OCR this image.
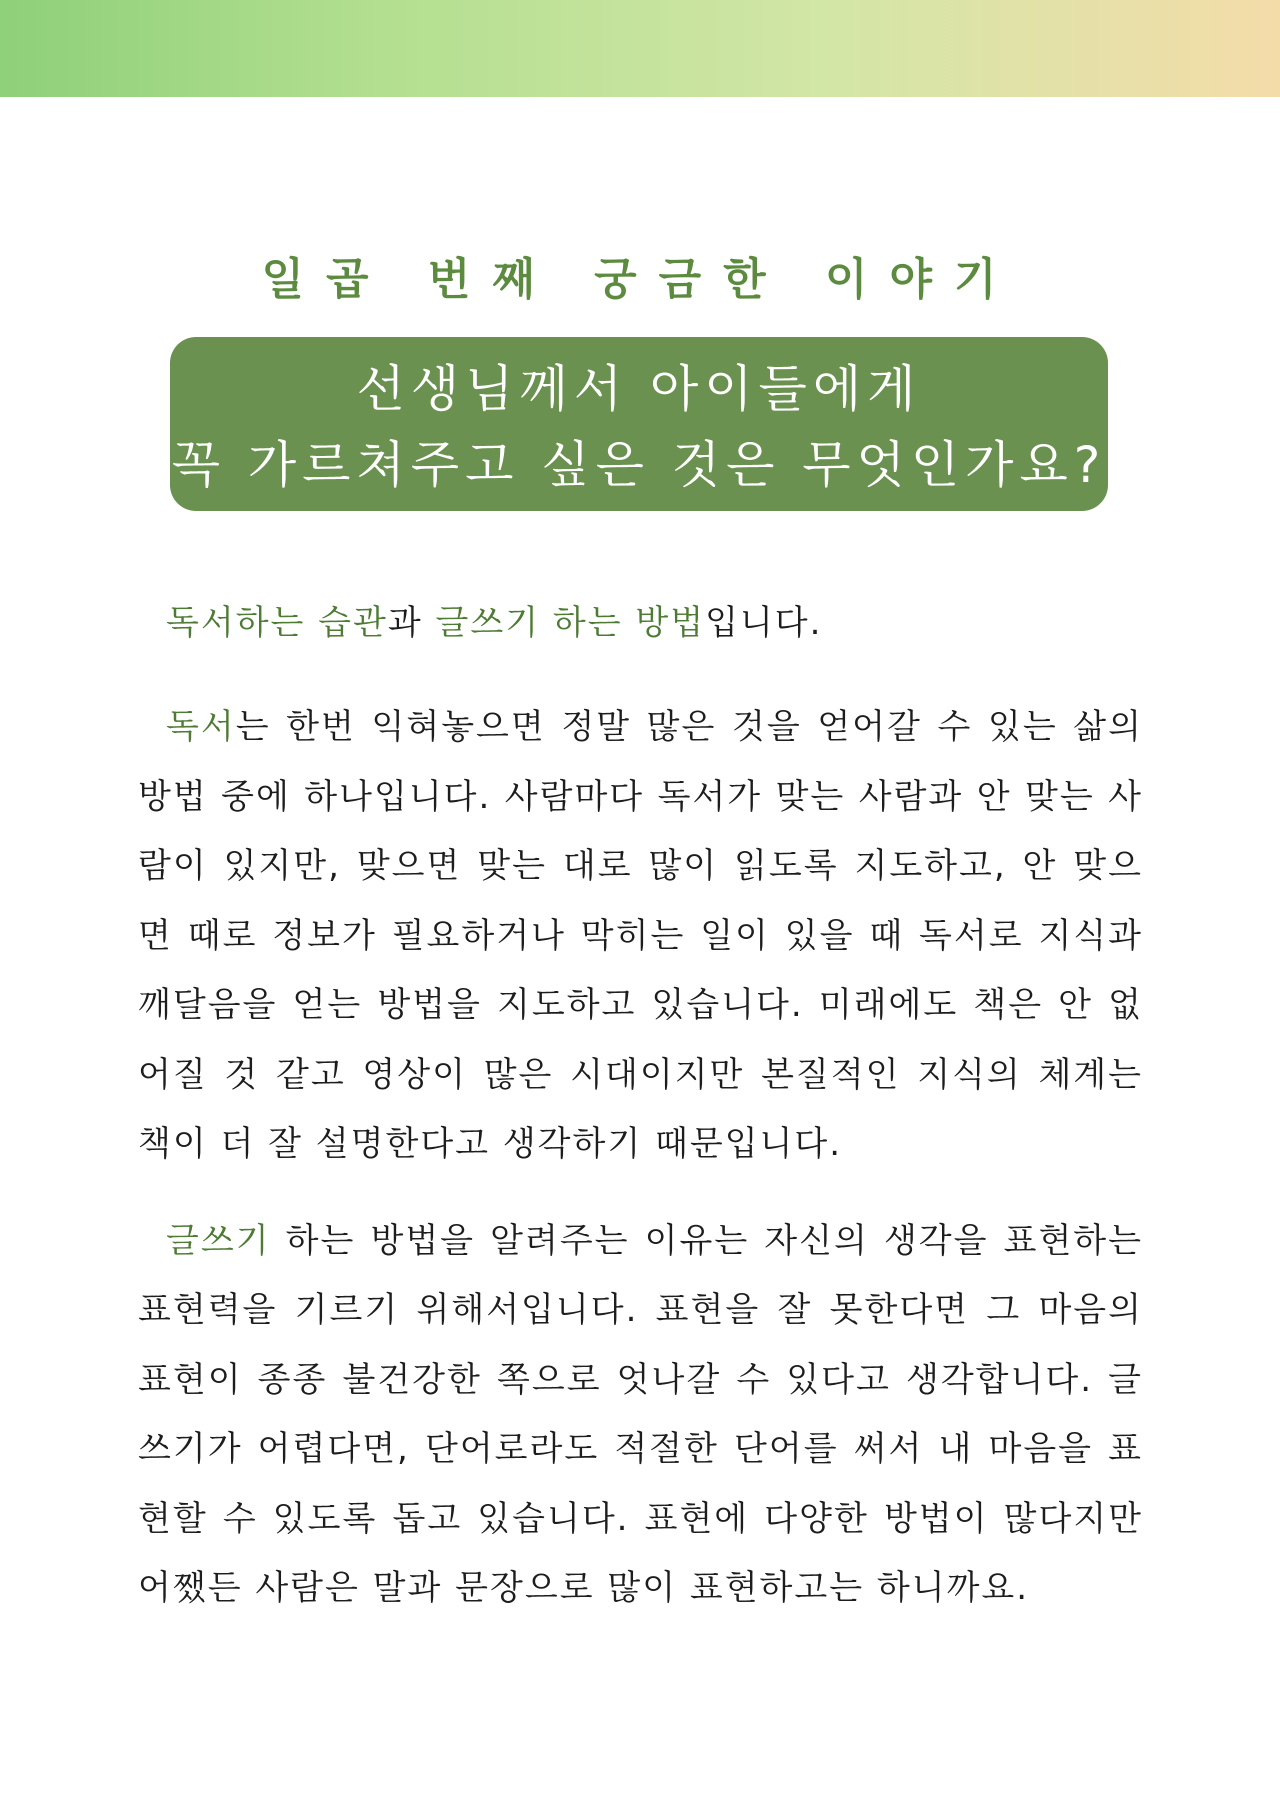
일곱 번째 궁금한 이야기
선생님께서 아이들에게
꼭 가르쳐주고 싶은 것은 무엇인가요?

독서하는 습관과 글쓰기 하는 방법입니다.

독서는 한번 익혀놓으면 정말 많은 것을 얻어갈 수 있는 삶의 방법 중에 하나입니다. 사람마다 독서가 맞는 사람과 안 맞는 사람이 있지만, 맞으면 맞는 대로 많이 읽도록 지도하고, 안 맞으면 때로 정보가 필요하거나 막히는 일이 있을 때 독서로 지식과 깨달음을 얻는 방법을 지도하고 있습니다. 미래에도 책은 안 없어질 것 같고 영상이 많은 시대이지만 본질적인 지식의 체계는 책이 더 잘 설명한다고 생각하기 때문입니다.

글쓰기 하는 방법을 알려주는 이유는 자신의 생각을 표현하는 표현력을 기르기 위해서입니다. 표현을 잘 못한다면 그 마음의 표현이 종종 불건강한 쪽으로 엇나갈 수 있다고 생각합니다. 글쓰기가 어렵다면, 단어로라도 적절한 단어를 써서 내 마음을 표현할 수 있도록 돕고 있습니다. 표현에 다양한 방법이 많다지만 어쨌든 사람은 말과 문장으로 많이 표현하고는 하니까요.
